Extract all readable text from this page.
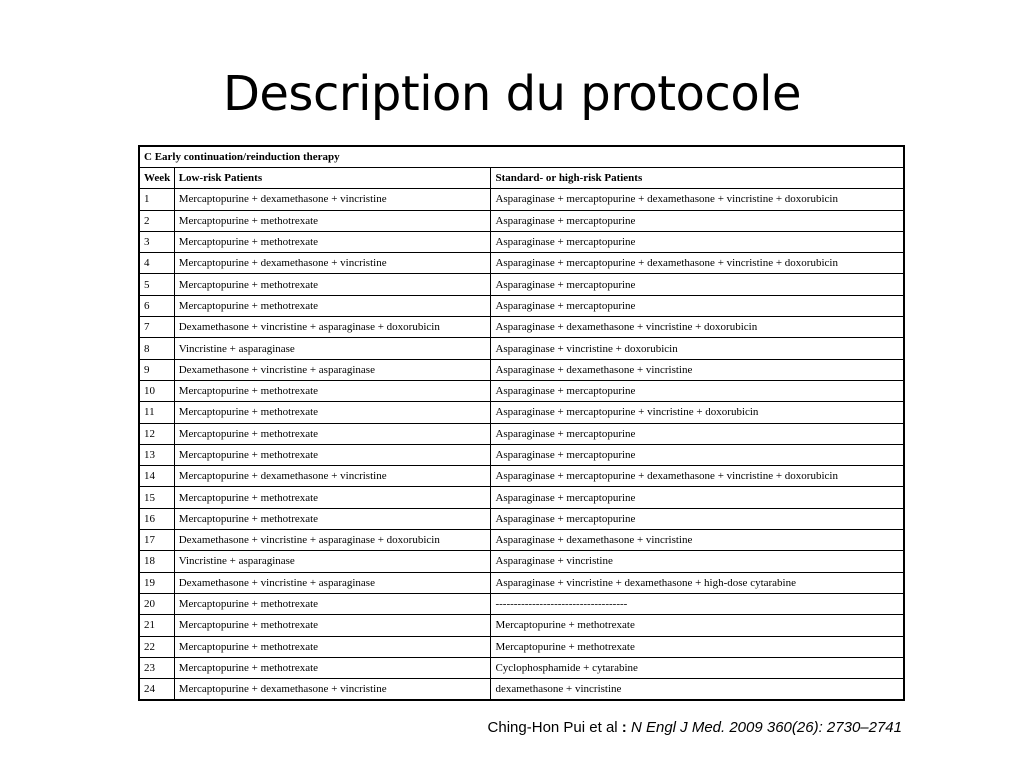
Description du protocole
C Early continuation/reinduction therapy		
Week	Low-risk Patients	Standard- or high-risk Patients
1	Mercaptopurine + dexamethasone + vincristine	Asparaginase + mercaptopurine + dexamethasone + vincristine + doxorubicin
2	Mercaptopurine + methotrexate	Asparaginase + mercaptopurine
3	Mercaptopurine + methotrexate	Asparaginase + mercaptopurine
4	Mercaptopurine + dexamethasone + vincristine	Asparaginase + mercaptopurine + dexamethasone + vincristine + doxorubicin
5	Mercaptopurine + methotrexate	Asparaginase + mercaptopurine
6	Mercaptopurine + methotrexate	Asparaginase + mercaptopurine
7	Dexamethasone + vincristine + asparaginase + doxorubicin	Asparaginase + dexamethasone + vincristine + doxorubicin
8	Vincristine + asparaginase	Asparaginase + vincristine + doxorubicin
9	Dexamethasone + vincristine + asparaginase	Asparaginase + dexamethasone + vincristine
10	Mercaptopurine + methotrexate	Asparaginase + mercaptopurine
11	Mercaptopurine + methotrexate	Asparaginase + mercaptopurine + vincristine + doxorubicin
12	Mercaptopurine + methotrexate	Asparaginase + mercaptopurine
13	Mercaptopurine + methotrexate	Asparaginase + mercaptopurine
14	Mercaptopurine + dexamethasone + vincristine	Asparaginase + mercaptopurine + dexamethasone + vincristine + doxorubicin
15	Mercaptopurine + methotrexate	Asparaginase + mercaptopurine
16	Mercaptopurine + methotrexate	Asparaginase + mercaptopurine
17	Dexamethasone + vincristine + asparaginase + doxorubicin	Asparaginase + dexamethasone + vincristine
18	Vincristine + asparaginase	Asparaginase + vincristine
19	Dexamethasone + vincristine + asparaginase	Asparaginase + vincristine + dexamethasone + high-dose cytarabine
20	Mercaptopurine + methotrexate	------------------------------------
21	Mercaptopurine + methotrexate	Mercaptopurine + methotrexate
22	Mercaptopurine + methotrexate	Mercaptopurine + methotrexate
23	Mercaptopurine + methotrexate	Cyclophosphamide + cytarabine
24	Mercaptopurine + dexamethasone + vincristine	dexamethasone + vincristine
Ching-Hon Pui et al : N Engl J Med. 2009 360(26): 2730–2741
